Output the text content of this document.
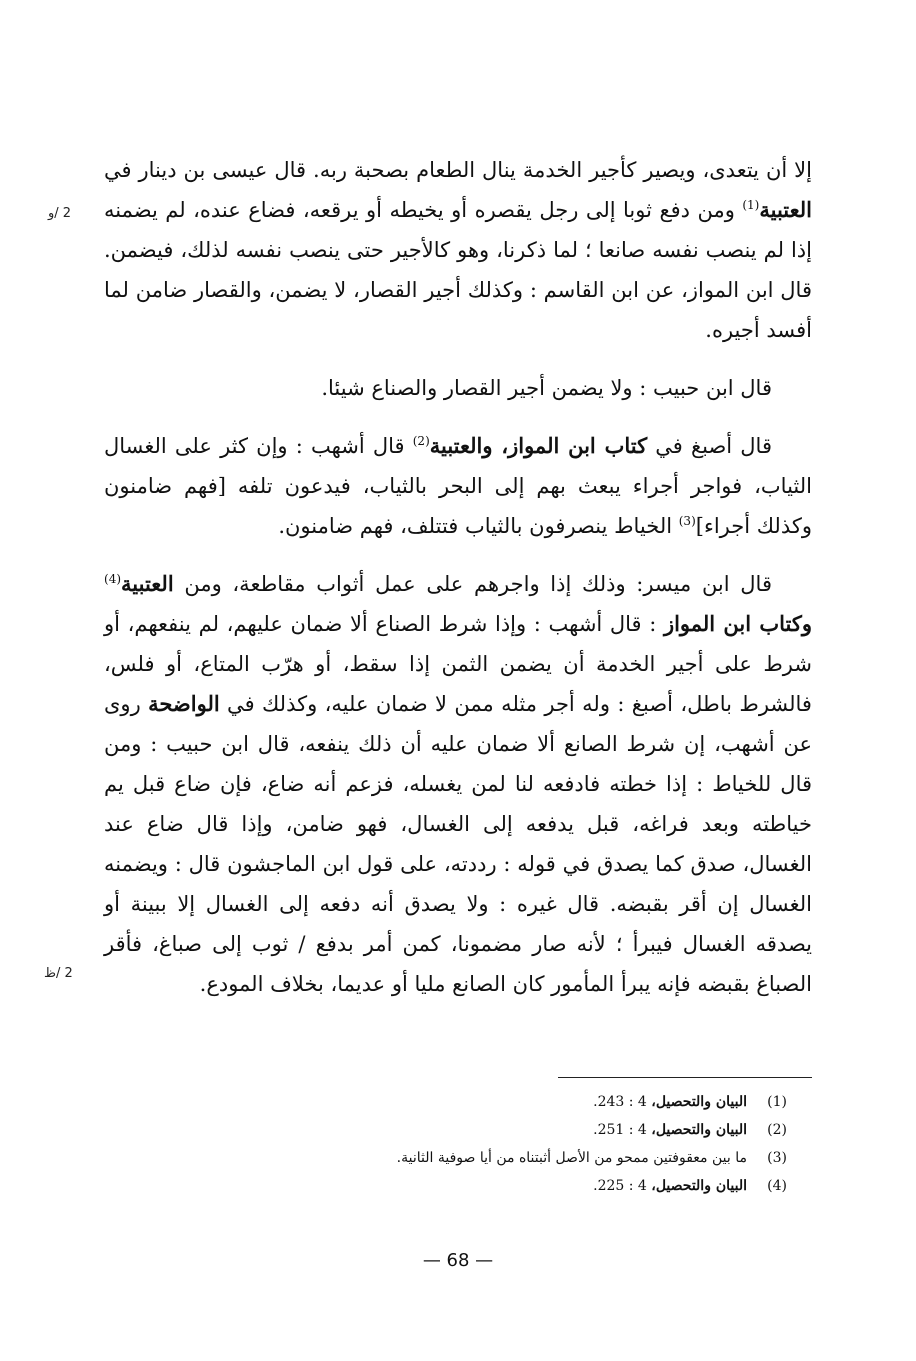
2 /و
2 /ظ

إلا أن يتعدى، ويصير كأجير الخدمة ينال الطعام بصحبة ربه. قال عيسى بن دينار في العتبية$^{(1)}$ ومن دفع ثوبا إلى رجل يقصره أو يخيطه أو يرقعه، فضاع عنده، لم يضمنه إذا لم ينصب نفسه صانعا ؛ لما ذكرنا، وهو كالأجير حتى ينصب نفسه لذلك، فيضمن. قال ابن المواز، عن ابن القاسم : وكذلك أجير القصار، لا يضمن، والقصار ضامن لما أفسد أجيره.

قال ابن حبيب : ولا يضمن أجير القصار والصناع شيئا.

قال أصبغ في كتاب ابن المواز، والعتبية$^{(2)}$ قال أشهب : وإن كثر على الغسال الثياب، فواجر أجراء يبعث بهم إلى البحر بالثياب، فيدعون تلفه [فهم ضامنون وكذلك أجراء]$^{(3)}$ الخياط ينصرفون بالثياب فتتلف، فهم ضامنون.

قال ابن ميسر: وذلك إذا واجرهم على عمل أثواب مقاطعة، ومن العتبية$^{(4)}$ وكتاب ابن المواز : قال أشهب : وإذا شرط الصناع ألا ضمان عليهم، لم ينفعهم، أو شرط على أجير الخدمة أن يضمن الثمن إذا سقط، أو هرّب المتاع، أو فلس، فالشرط باطل، أصبغ : وله أجر مثله ممن لا ضمان عليه، وكذلك في الواضحة روى عن أشهب، إن شرط الصانع ألا ضمان عليه أن ذلك ينفعه، قال ابن حبيب : ومن قال للخياط : إذا خطته فادفعه لنا لمن يغسله، فزعم أنه ضاع، فإن ضاع قبل يم خياطته وبعد فراغه، قبل يدفعه إلى الغسال، فهو ضامن، وإذا قال ضاع عند الغسال، صدق كما يصدق في قوله : رددته، على قول ابن الماجشون قال : ويضمنه الغسال إن أقر بقبضه. قال غيره : ولا يصدق أنه دفعه إلى الغسال إلا ببينة أو يصدقه الغسال فيبرأ ؛ لأنه صار مضمونا، كمن أمر بدفع / ثوب إلى صباغ، فأقر الصباغ بقبضه فإنه يبرأ المأمور كان الصانع مليا أو عديما، بخلاف المودع.

(1)
البيان والتحصيل، 4 : 243.
(2)
البيان والتحصيل، 4 : 251.
(3)
ما بين معقوفتين ممحو من الأصل أثبتناه من أيا صوفية الثانية.
(4)
البيان والتحصيل، 4 : 225.
— 68 —
